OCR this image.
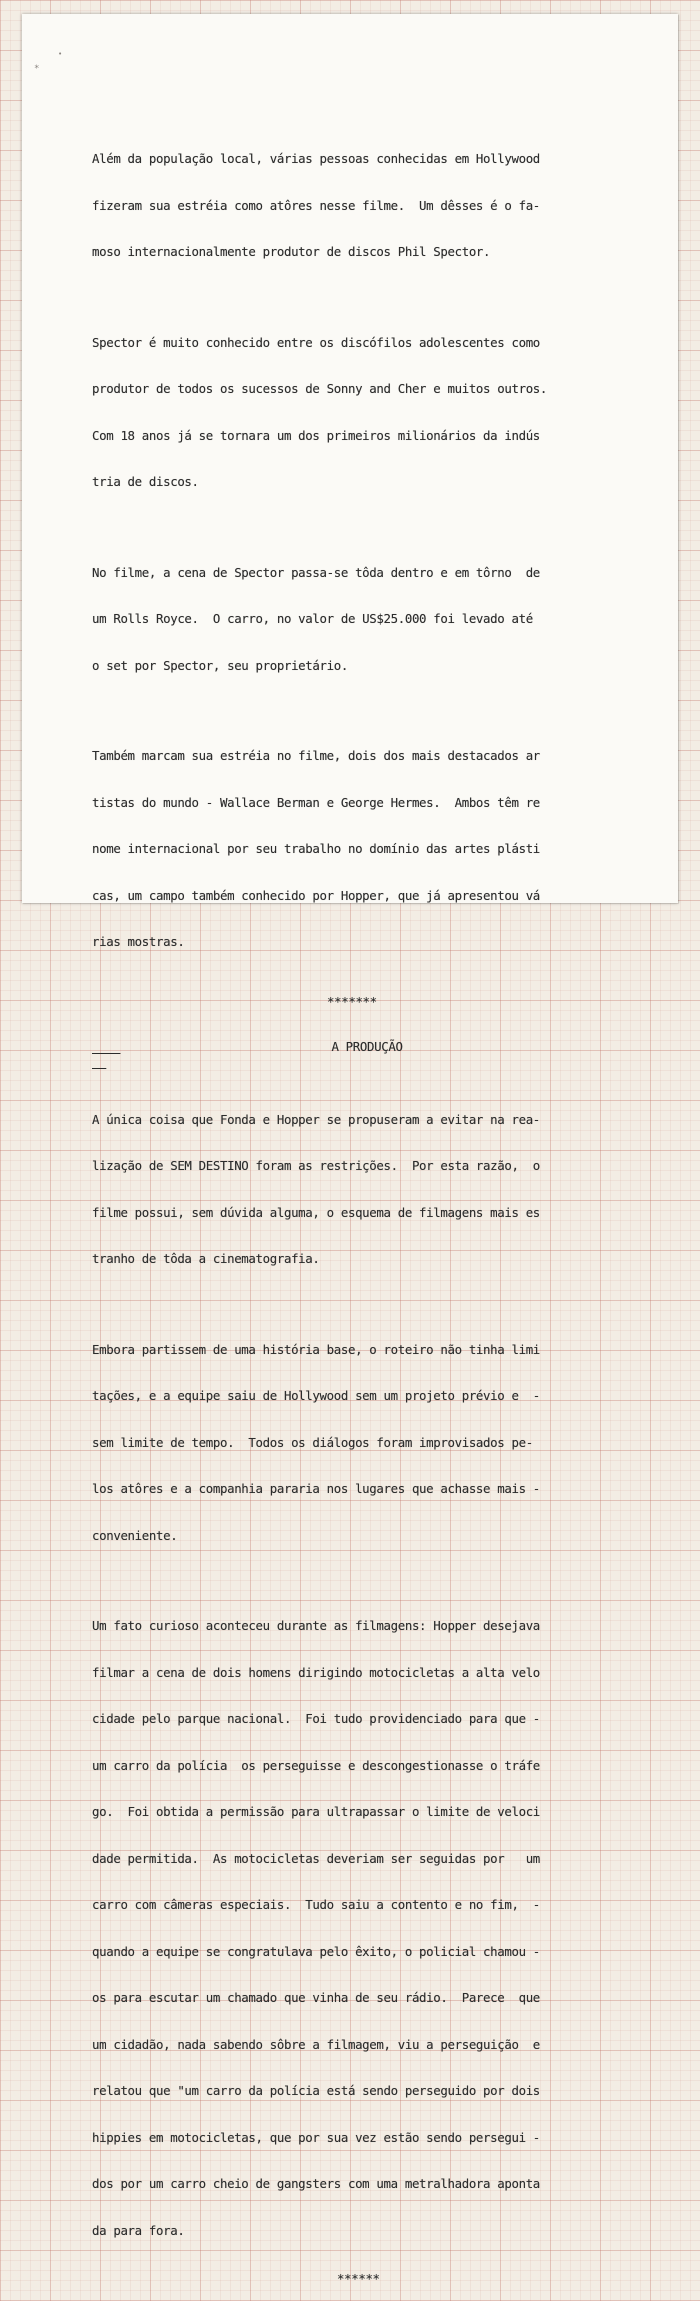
*
•

Além da população local, várias pessoas conhecidas em Hollywood

fizeram sua estréia como atôres nesse filme.  Um dêsses é o fa-

moso internacionalmente produtor de discos Phil Spector.

Spector é muito conhecido entre os discófilos adolescentes como

produtor de todos os sucessos de Sonny and Cher e muitos outros.

Com 18 anos já se tornara um dos primeiros milionários da indús

tria de discos.

No filme, a cena de Spector passa-se tôda dentro e em tôrno  de

um Rolls Royce.  O carro, no valor de US$25.000 foi levado até

o set por Spector, seu proprietário.

Também marcam sua estréia no filme, dois dos mais destacados ar

tistas do mundo - Wallace Berman e George Hermes.  Ambos têm re

nome internacional por seu trabalho no domínio das artes plásti

cas, um campo também conhecido por Hopper, que já apresentou vá

rias mostras.

*******

A PRODUÇÃO

A única coisa que Fonda e Hopper se propuseram a evitar na rea-

lização de SEM DESTINO foram as restrições.  Por esta razão,  o

filme possui, sem dúvida alguma, o esquema de filmagens mais es

tranho de tôda a cinematografia.

Embora partissem de uma história base, o roteiro não tinha limi

tações, e a equipe saiu de Hollywood sem um projeto prévio e  -

sem limite de tempo.  Todos os diálogos foram improvisados pe-

los atôres e a companhia pararia nos lugares que achasse mais -

conveniente.

Um fato curioso aconteceu durante as filmagens: Hopper desejava

filmar a cena de dois homens dirigindo motocicletas a alta velo

cidade pelo parque nacional.  Foi tudo providenciado para que -

um carro da polícia  os perseguisse e descongestionasse o tráfe

go.  Foi obtida a permissão para ultrapassar o limite de veloci

dade permitida.  As motocicletas deveriam ser seguidas por   um

carro com câmeras especiais.  Tudo saiu a contento e no fim,  -

quando a equipe se congratulava pelo êxito, o policial chamou -

os para escutar um chamado que vinha de seu rádio.  Parece  que

um cidadão, nada sabendo sôbre a filmagem, viu a perseguição  e

relatou que "um carro da polícia está sendo perseguido por dois

hippies em motocicletas, que por sua vez estão sendo persegui -

dos por um carro cheio de gangsters com uma metralhadora aponta

da para fora.

******
